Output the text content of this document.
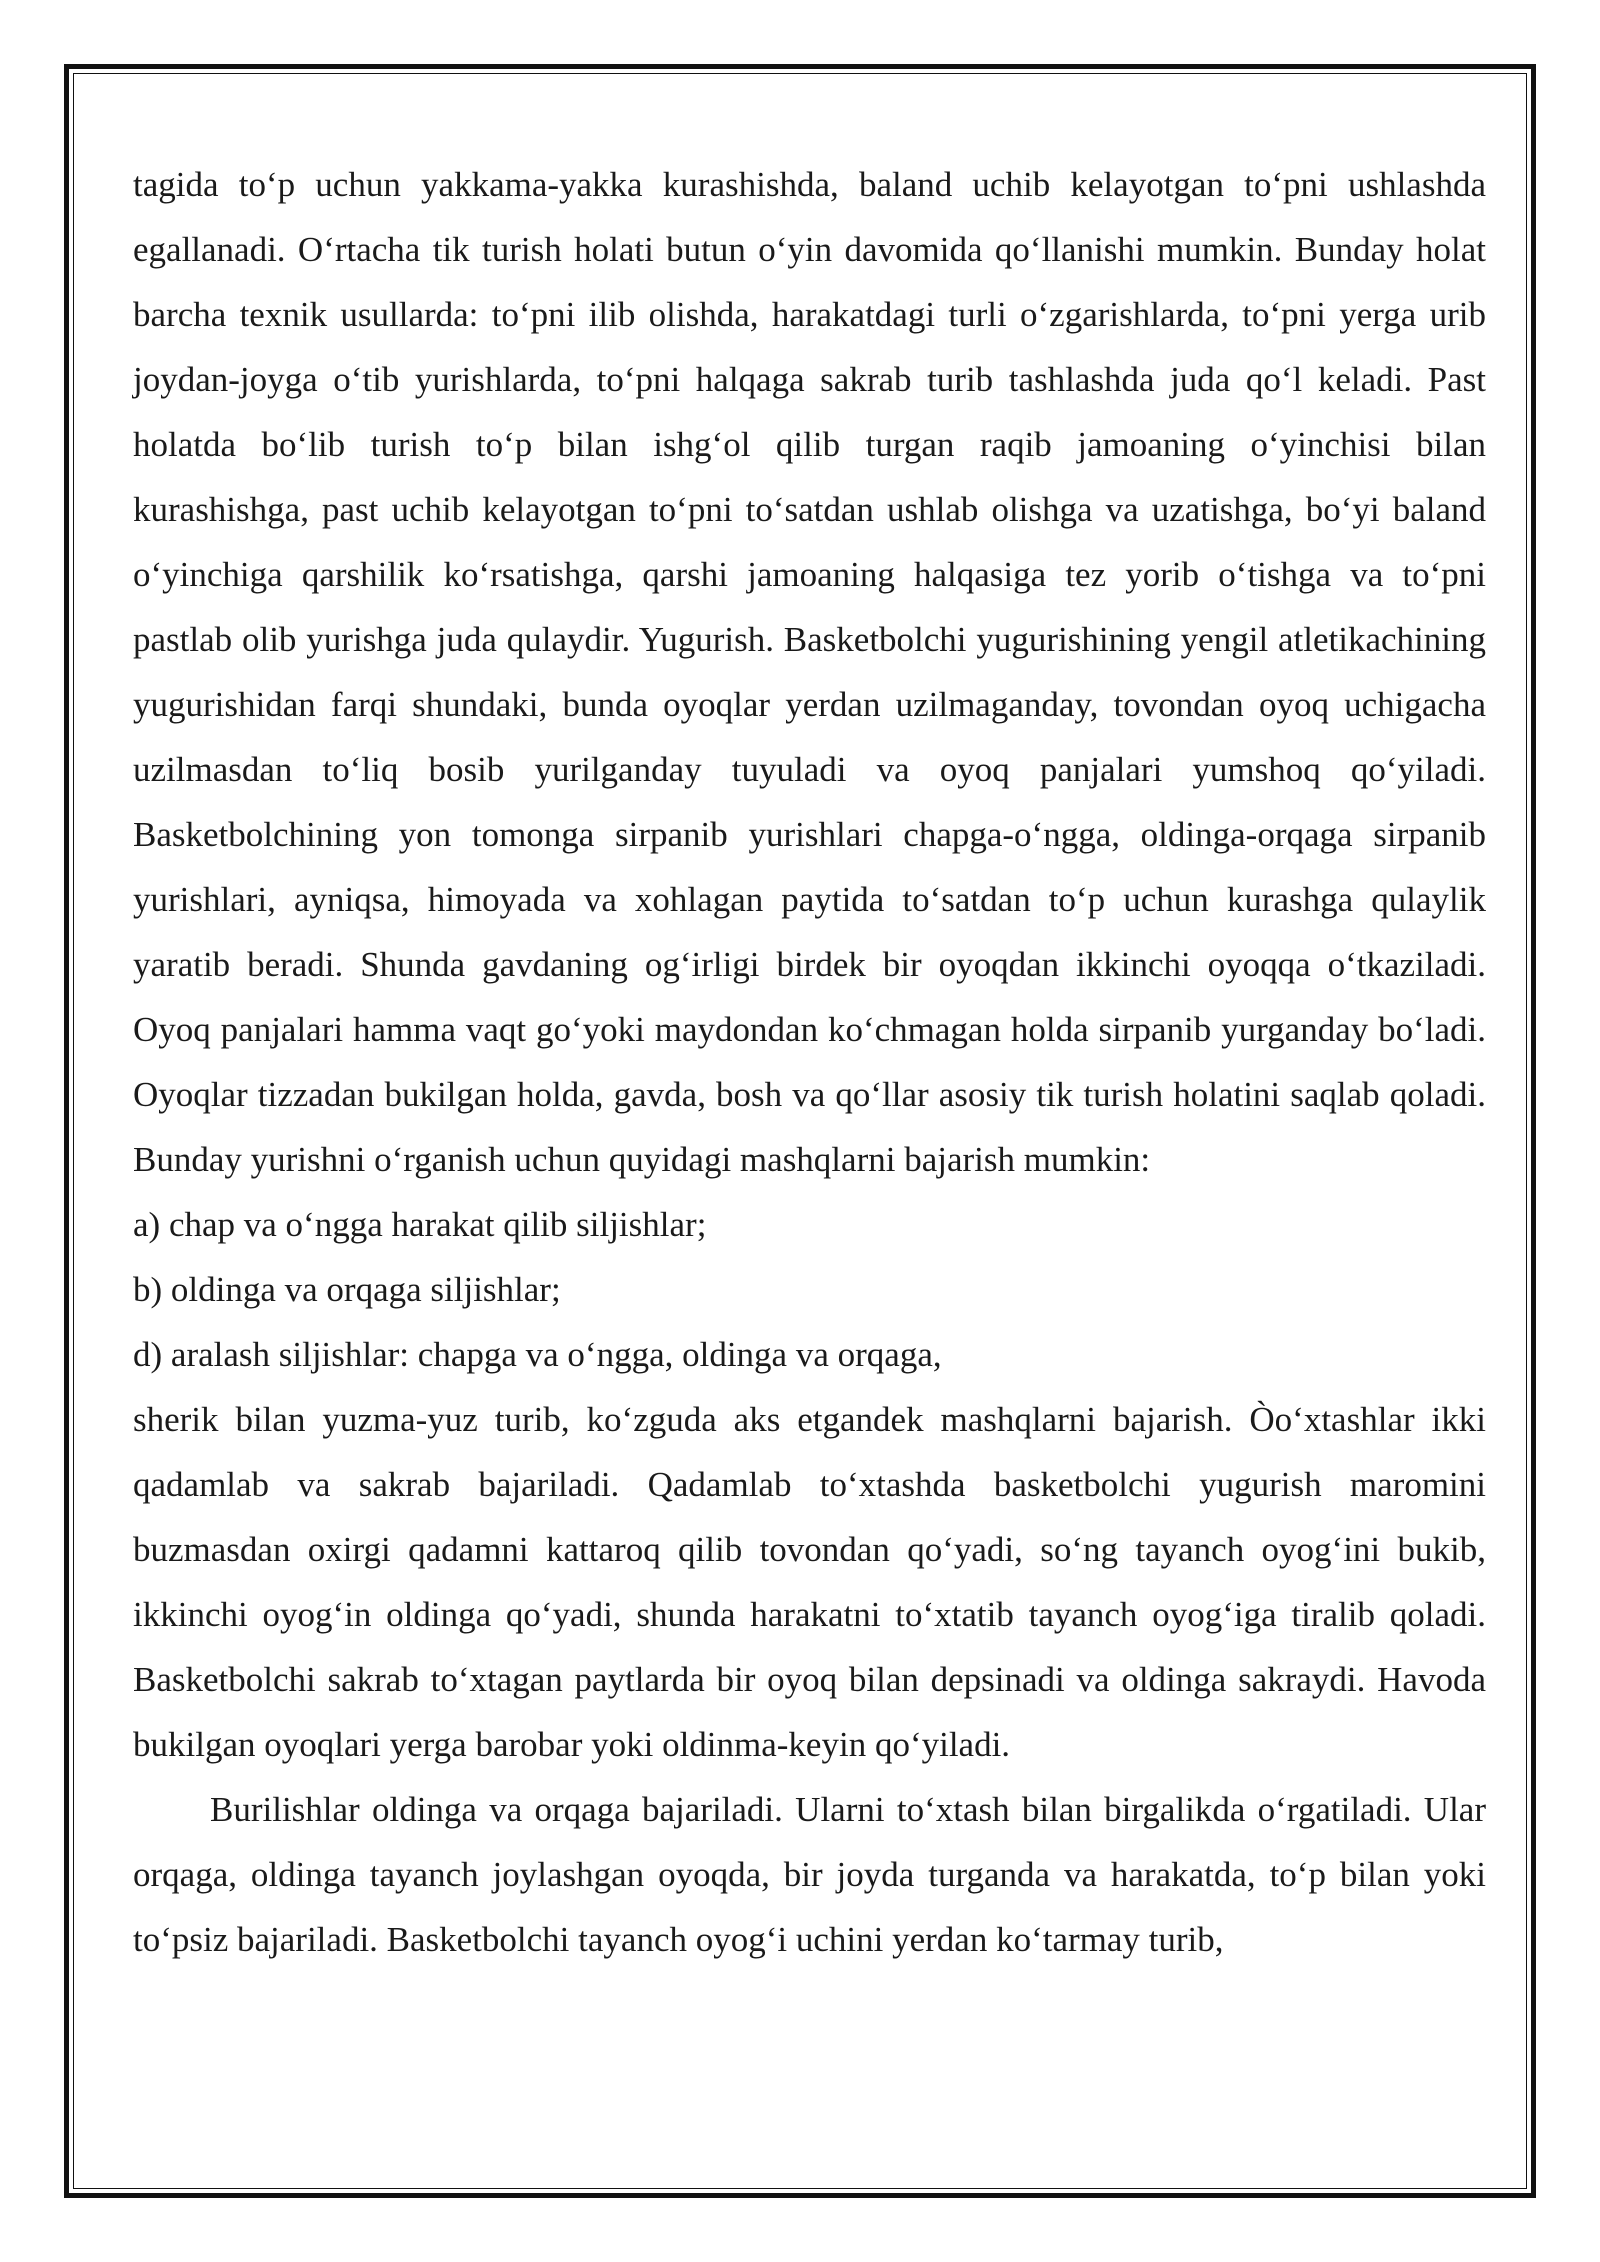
tagida to‘p uchun yakkama-yakka kurashishda, baland uchib kelayotgan to‘pni ushlashda egallanadi. O‘rtacha tik turish holati butun o‘yin davomida qo‘llanishi mumkin. Bunday holat barcha texnik usullarda: to‘pni ilib olishda, harakatdagi turli o‘zgarishlarda, to‘pni yerga urib joydan-joyga o‘tib yurishlarda, to‘pni halqaga sakrab turib tashlashda juda qo‘l keladi. Past holatda bo‘lib turish to‘p bilan ishg‘ol qilib turgan raqib jamoaning o‘yinchisi bilan kurashishga, past uchib kelayotgan to‘pni to‘satdan ushlab olishga va uzatishga, bo‘yi baland o‘yinchiga qarshilik ko‘rsatishga, qarshi jamoaning halqasiga tez yorib o‘tishga va to‘pni pastlab olib yurishga juda qulaydir. Yugurish. Basketbolchi yugurishining yengil atletikachining yugurishidan farqi shundaki, bunda oyoqlar yerdan uzilmaganday, tovondan oyoq uchigacha uzilmasdan to‘liq bosib yurilganday tuyuladi va oyoq panjalari yumshoq qo‘yiladi. Basketbolchining yon tomonga sirpanib yurishlari chapga-o‘ngga, oldinga-orqaga sirpanib yurishlari, ayniqsa, himoyada va xohlagan paytida to‘satdan to‘p uchun kurashga qulaylik yaratib beradi. Shunda gavdaning og‘irligi birdek bir oyoqdan ikkinchi oyoqqa o‘tkaziladi. Oyoq panjalari hamma vaqt go‘yoki maydondan ko‘chmagan holda sirpanib yurganday bo‘ladi. Oyoqlar tizzadan bukilgan holda, gavda, bosh va qo‘llar asosiy tik turish holatini saqlab qoladi. Bunday yurishni o‘rganish uchun quyidagi mashqlarni bajarish mumkin:

a) chap va o‘ngga harakat qilib siljishlar;

b) oldinga va orqaga siljishlar;

d) aralash siljishlar: chapga va o‘ngga, oldinga va orqaga,

sherik bilan yuzma-yuz turib, ko‘zguda aks etgandek mashqlarni bajarish. Òo‘xtashlar ikki qadamlab va sakrab bajariladi. Qadamlab to‘xtashda basketbolchi yugurish maromini buzmasdan oxirgi qadamni kattaroq qilib tovondan qo‘yadi, so‘ng tayanch oyog‘ini bukib, ikkinchi oyog‘in oldinga qo‘yadi, shunda harakatni to‘xtatib tayanch oyog‘iga tiralib qoladi. Basketbolchi sakrab to‘xtagan paytlarda bir oyoq bilan depsinadi va oldinga sakraydi. Havoda bukilgan oyoqlari yerga barobar yoki oldinma-keyin qo‘yiladi.

Burilishlar oldinga va orqaga bajariladi. Ularni to‘xtash bilan birgalikda o‘rgatiladi. Ular orqaga, oldinga tayanch joylashgan oyoqda, bir joyda turganda va harakatda, to‘p bilan yoki to‘psiz bajariladi. Basketbolchi tayanch oyog‘i uchini yerdan ko‘tarmay turib,
